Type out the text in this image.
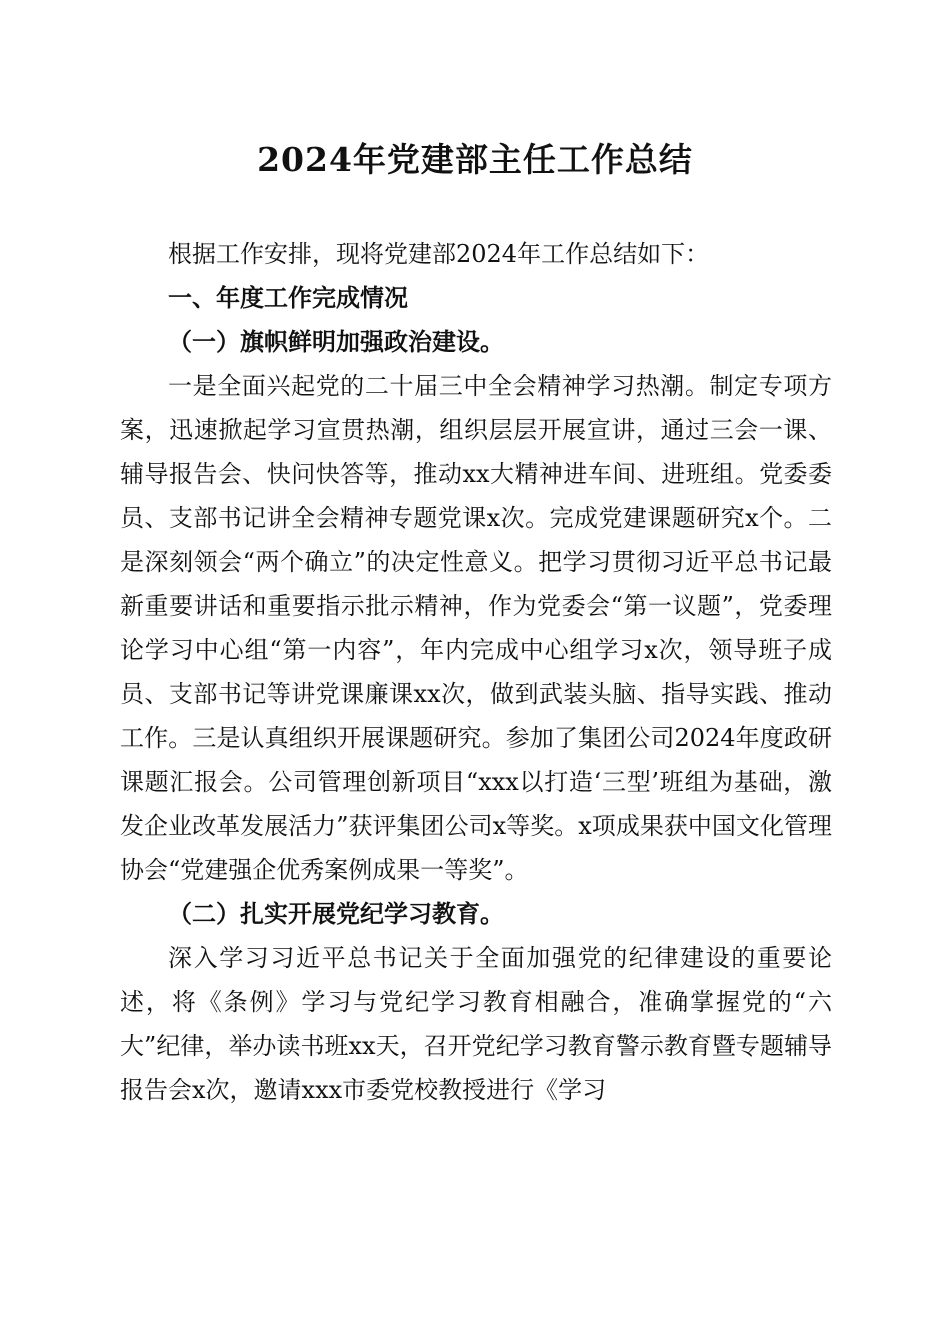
2024年党建部主任工作总结

根据工作安排，现将党建部2024年工作总结如下：

一、年度工作完成情况

（一）旗帜鲜明加强政治建设。

一是全面兴起党的二十届三中全会精神学习热潮。制定专项方案，迅速掀起学习宣贯热潮，组织层层开展宣讲，通过三会一课、辅导报告会、快问快答等，推动xx大精神进车间、进班组。党委委员、支部书记讲全会精神专题党课x次。完成党建课题研究x个。二是深刻领会“两个确立”的决定性意义。把学习贯彻习近平总书记最新重要讲话和重要指示批示精神，作为党委会“第一议题”，党委理论学习中心组“第一内容”，年内完成中心组学习x次，领导班子成员、支部书记等讲党课廉课xx次，做到武装头脑、指导实践、推动工作。三是认真组织开展课题研究。参加了集团公司2024年度政研课题汇报会。公司管理创新项目“xxx以打造‘三型’班组为基础，激发企业改革发展活力”获评集团公司x等奖。x项成果获中国文化管理协会“党建强企优秀案例成果一等奖”。

（二）扎实开展党纪学习教育。

深入学习习近平总书记关于全面加强党的纪律建设的重要论述，将《条例》学习与党纪学习教育相融合，准确掌握党的“六大”纪律，举办读书班xx天，召开党纪学习教育警示教育暨专题辅导报告会x次，邀请xxx市委党校教授进行《学习
